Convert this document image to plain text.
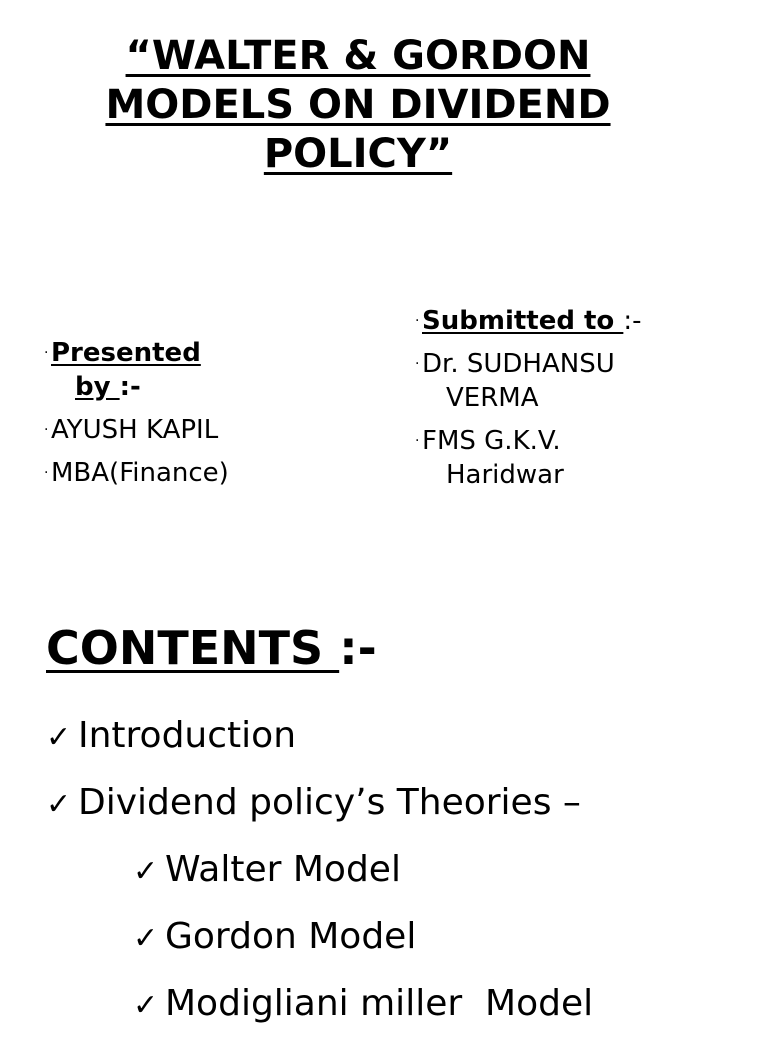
“WALTER & GORDON
MODELS ON DIVIDEND
POLICY”
· Presented

by :-
· AYUSH KAPIL
· MBA(Finance)
· Submitted to :-
· Dr. SUDHANSU

VERMA
· FMS G.K.V.

Haridwar
CONTENTS :-
✓ Introduction
✓ Dividend policy’s Theories –
✓ Walter Model
✓ Gordon Model
✓ Modigliani miller  Model
